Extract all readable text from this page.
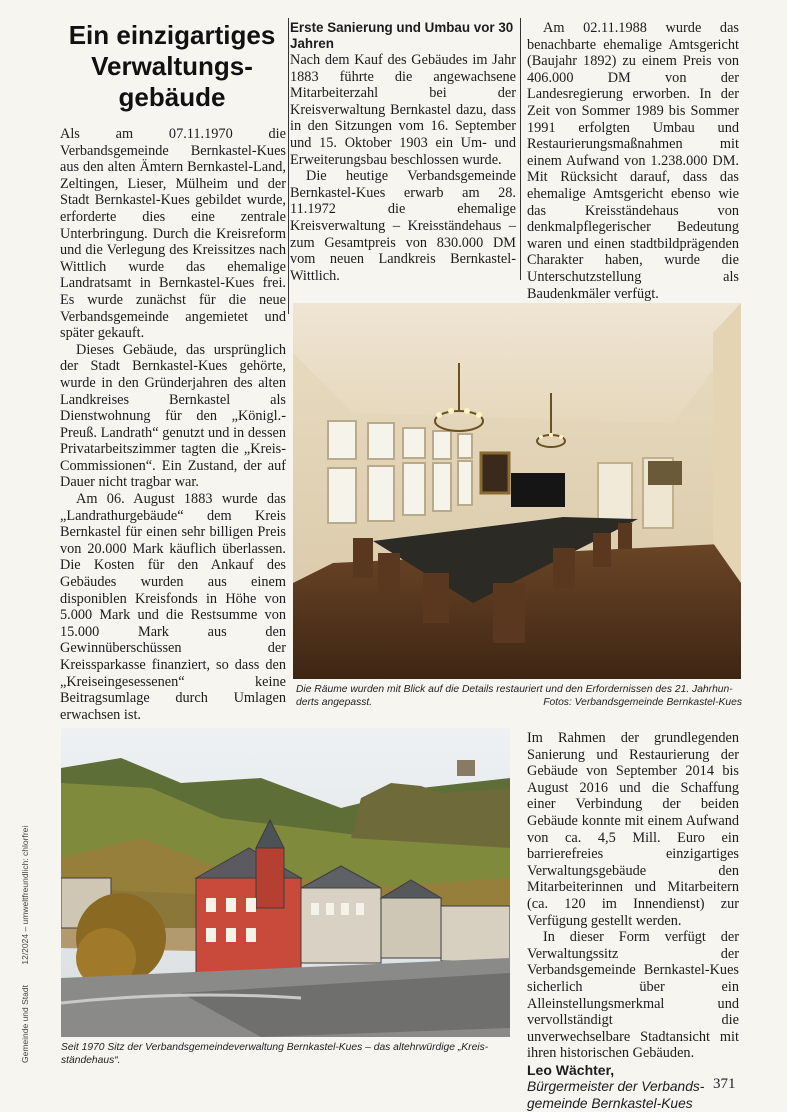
Ein einzigartiges
Verwaltungs-
gebäude

Als am 07.11.1970 die Verbandsgemeinde Bernkastel-Kues aus den alten Ämtern Bernkastel-Land, Zeltingen, Lieser, Mülheim und der Stadt Bernkastel-Kues gebildet wurde, erforderte dies eine zentrale Unterbringung. Durch die Kreisreform und die Verlegung des Kreissitzes nach Wittlich wurde das ehemalige Landratsamt in Bernkastel-Kues frei. Es wurde zunächst für die neue Verbandsgemeinde angemietet und später gekauft.

Dieses Gebäude, das ursprünglich der Stadt Bernkastel-Kues gehörte, wurde in den Gründerjahren des alten Landkreises Bernkastel als Dienstwohnung für den „Königl.-Preuß. Landrath“ genutzt und in dessen Privatarbeitszimmer tagten die „Kreis-Commissionen“. Ein Zustand, der auf Dauer nicht tragbar war.

Am 06. August 1883 wurde das „Landrathurgebäude“ dem Kreis Bernkastel für einen sehr billigen Preis von 20.000 Mark käuflich überlassen. Die Kosten für den Ankauf des Gebäudes wurden aus einem disponiblen Kreisfonds in Höhe von 5.000 Mark und die Restsumme von 15.000 Mark aus den Gewinnüberschüssen der Kreissparkasse finanziert, so dass den „Kreiseingesessenen“ keine Beitragsumlage durch Umlagen erwachsen ist.

Erste Sanierung und Umbau vor 30 Jahren

Nach dem Kauf des Gebäudes im Jahr 1883 führte die angewachsene Mitarbeiterzahl bei der Kreisverwaltung Bernkastel dazu, dass in den Sitzungen vom 16. September und 15. Oktober 1903 ein Um- und Erweiterungsbau beschlossen wurde.

Die heutige Verbandsgemeinde Bernkastel-Kues erwarb am 28. 11.1972 die ehemalige Kreisverwaltung – Kreisständehaus – zum Gesamtpreis von 830.000 DM vom neuen Landkreis Bernkastel-Wittlich.

Am 02.11.1988 wurde das benachbarte ehemalige Amtsgericht (Baujahr 1892) zu einem Preis von 406.000 DM von der Landesregierung erworben. In der Zeit von Sommer 1989 bis Sommer 1991 erfolgten Umbau und Restaurierungsmaßnahmen mit einem Aufwand von 1.238.000 DM. Mit Rücksicht darauf, dass das ehemalige Amtsgericht ebenso wie das Kreisständehaus von denkmalpflegerischer Bedeutung waren und einen stadtbildprägenden Charakter haben, wurde die Unterschutzstellung als Baudenkmäler verfügt.

Die Räume wurden mit Blick auf die Details restauriert und den Erfordernissen des 21. Jahrhun-
derts angepasst.	Fotos: Verbandsgemeinde Bernkastel-Kues
Seit 1970 Sitz der Verbandsgemeindeverwaltung Bernkastel-Kues – das altehrwürdige „Kreis-
ständehaus“.

Im Rahmen der grundlegenden Sanierung und Restaurierung der Gebäude von September 2014 bis August 2016 und die Schaffung einer Verbindung der beiden Gebäude konnte mit einem Aufwand von ca. 4,5 Mill. Euro ein barrierefreies einzigartiges Verwaltungsgebäude den Mitarbeiterinnen und Mitarbeitern (ca. 120 im Innendienst) zur Verfügung gestellt werden.

In dieser Form verfügt der Verwaltungssitz der Verbandsgemeinde Bernkastel-Kues sicherlich über ein Alleinstellungsmerkmal und vervollständigt die unverwechselbare Stadtansicht mit ihren historischen Gebäuden.

Leo Wächter,
Bürgermeister der Verbands-
gemeinde Bernkastel-Kues
Gemeinde und Stadt 12/2024 – umweltfreundlich: chlorfrei
371
